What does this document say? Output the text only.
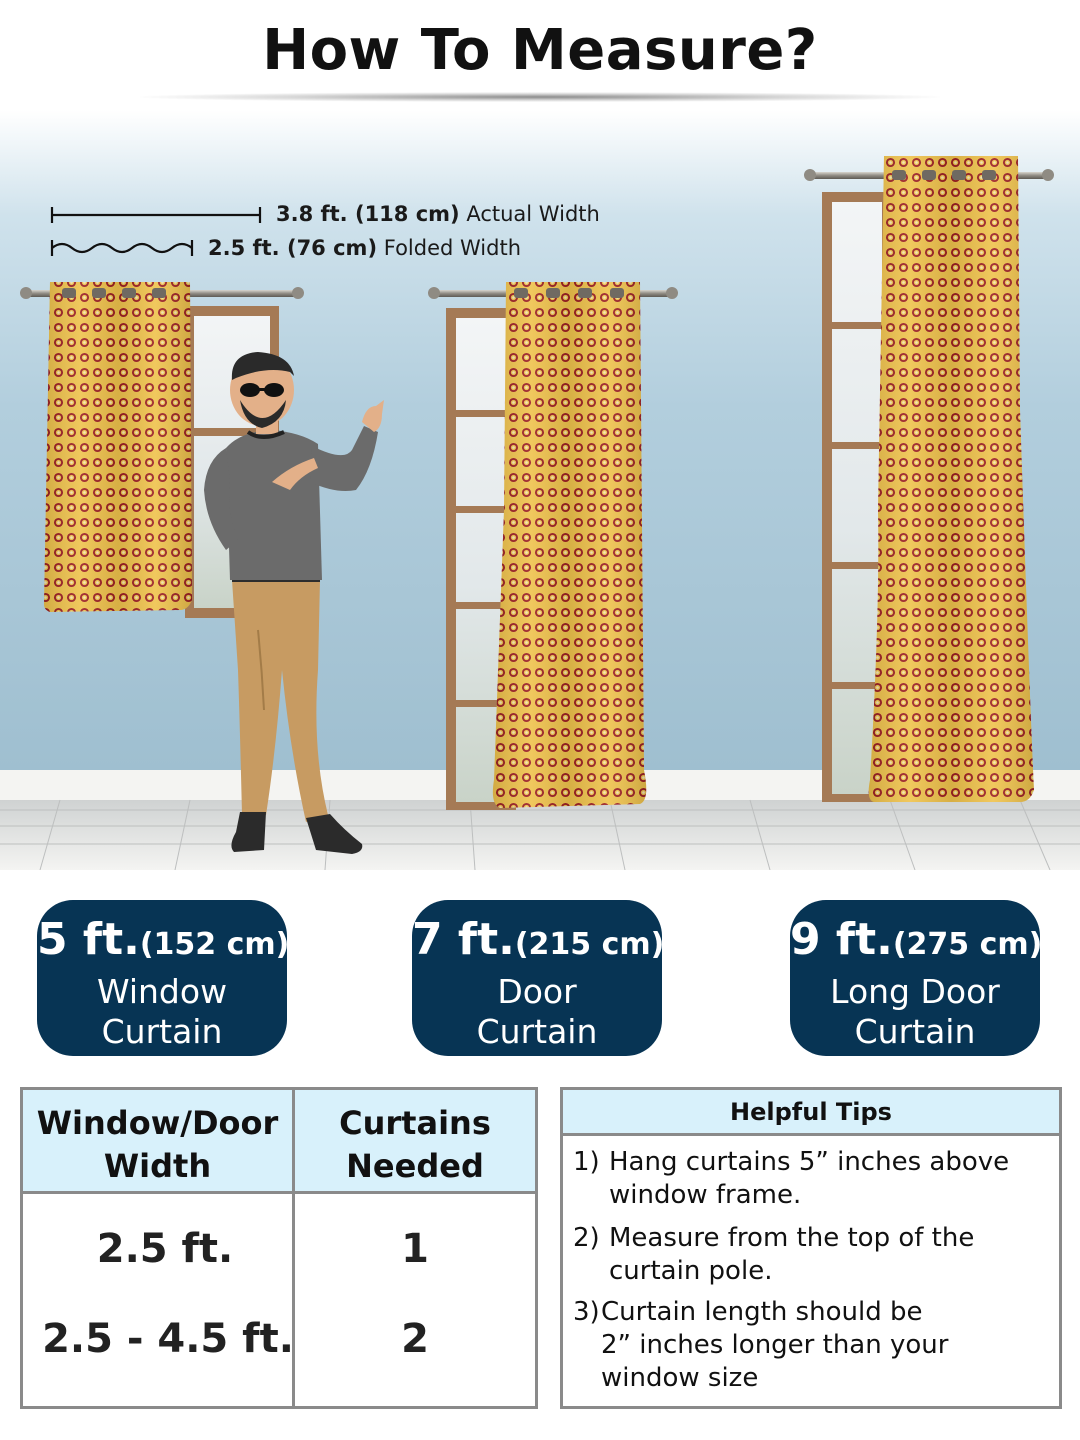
How To Measure?
3.8 ft. (118 cm) Actual Width
2.5 ft. (76 cm) Folded Width
5 ft.(152 cm)
Window
Curtain
7 ft.(215 cm)
Door
Curtain
9 ft.(275 cm)
Long Door
Curtain
Window/Door
Width
Curtains
Needed
2.5 ft.	1
2.5 - 4.5 ft.	2
Helpful Tips
1) Hang curtains 5” inches above
window frame.
2) Measure from the top of the
curtain pole.
3) Curtain length should be
2” inches longer than your
window size
